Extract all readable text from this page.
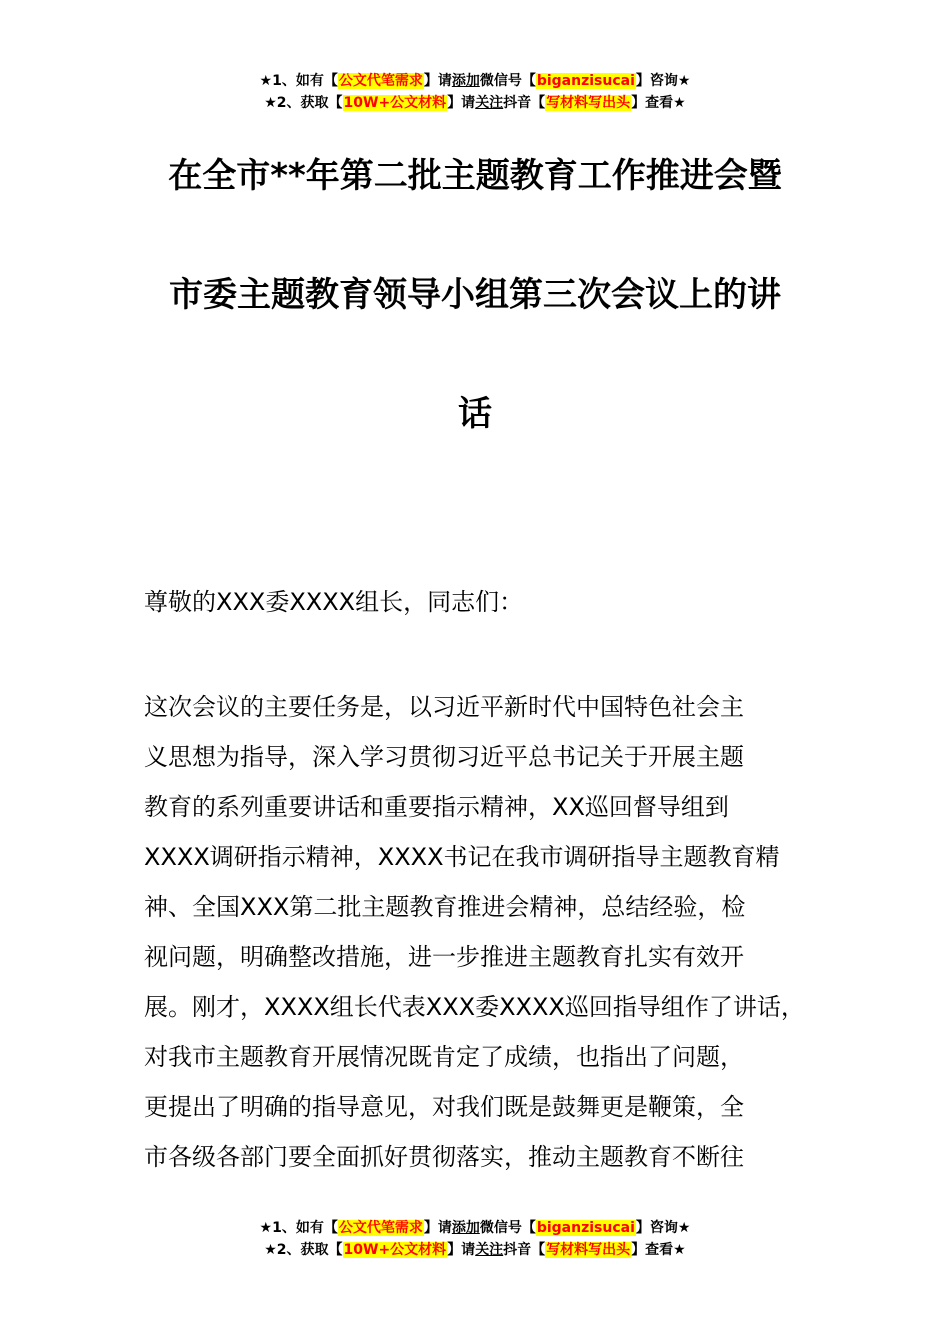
★1、如有【公文代笔需求】请添加微信号【biganzisucai】咨询★
★2、获取【10W+公文材料】请关注抖音【写材料写出头】查看★
在全市**年第二批主题教育工作推进会暨
市委主题教育领导小组第三次会议上的讲
话

尊敬的XXX委XXXX组长，同志们：

这次会议的主要任务是，以习近平新时代中国特色社会主
义思想为指导，深入学习贯彻习近平总书记关于开展主题
教育的系列重要讲话和重要指示精神，XX巡回督导组到
XXXX调研指示精神，XXXX书记在我市调研指导主题教育精
神、全国XXX第二批主题教育推进会精神，总结经验，检
视问题，明确整改措施，进一步推进主题教育扎实有效开
展。刚才，XXXX组长代表XXX委XXXX巡回指导组作了讲话，
对我市主题教育开展情况既肯定了成绩，也指出了问题，
更提出了明确的指导意见，对我们既是鼓舞更是鞭策，全
市各级各部门要全面抓好贯彻落实，推动主题教育不断往
★1、如有【公文代笔需求】请添加微信号【biganzisucai】咨询★
★2、获取【10W+公文材料】请关注抖音【写材料写出头】查看★
